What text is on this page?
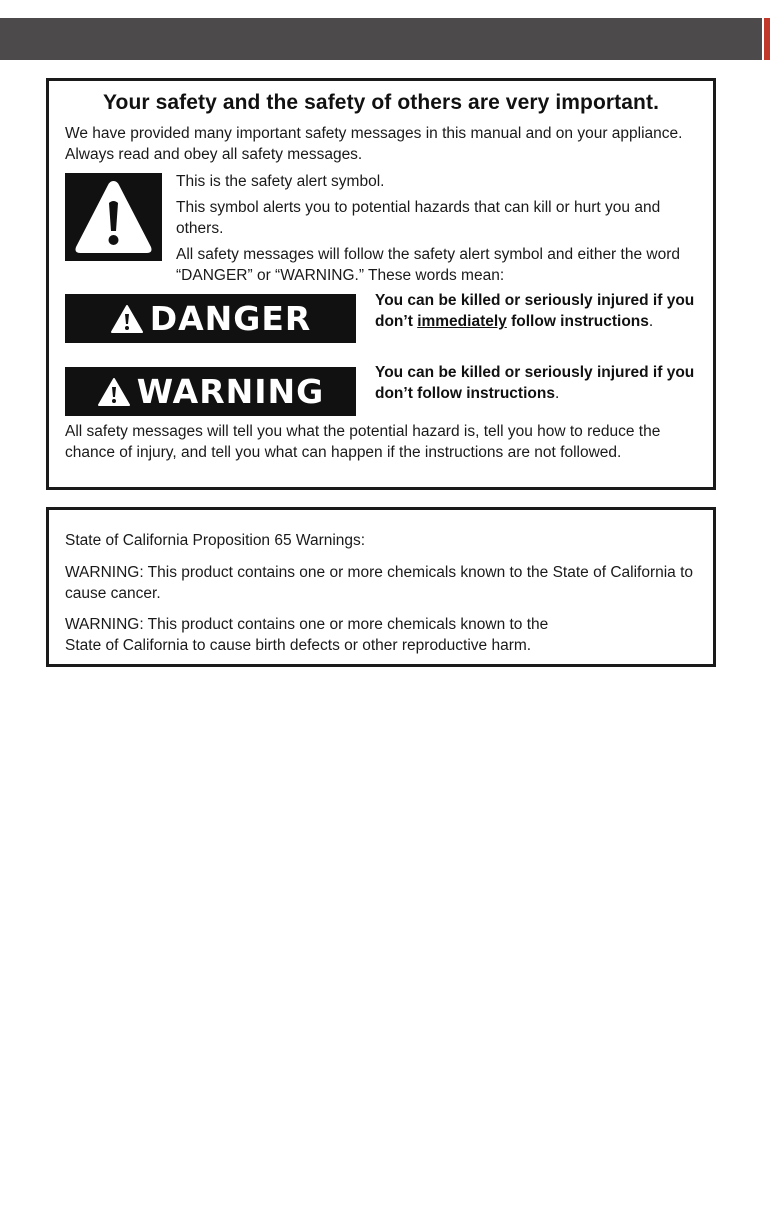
Your safety and the safety of others are very important.
We have provided many important safety messages in this manual and on your appliance. Always read and obey all safety messages.
This is the safety alert symbol.
This symbol alerts you to potential hazards that can kill or hurt you and others.
All safety messages will follow the safety alert symbol and either the word “DANGER” or “WARNING.” These words mean:
DANGER	You can be killed or seriously injured if you don’t immediately follow instructions.
WARNING	You can be killed or seriously injured if you don’t follow instructions.
All safety messages will tell you what the potential hazard is, tell you how to reduce the chance of injury, and tell you what can happen if the instructions are not followed.
State of California Proposition 65 Warnings:
WARNING: This product contains one or more chemicals known to the State of California to cause cancer.
WARNING: This product contains one or more chemicals known to the
State of California to cause birth defects or other reproductive harm.
